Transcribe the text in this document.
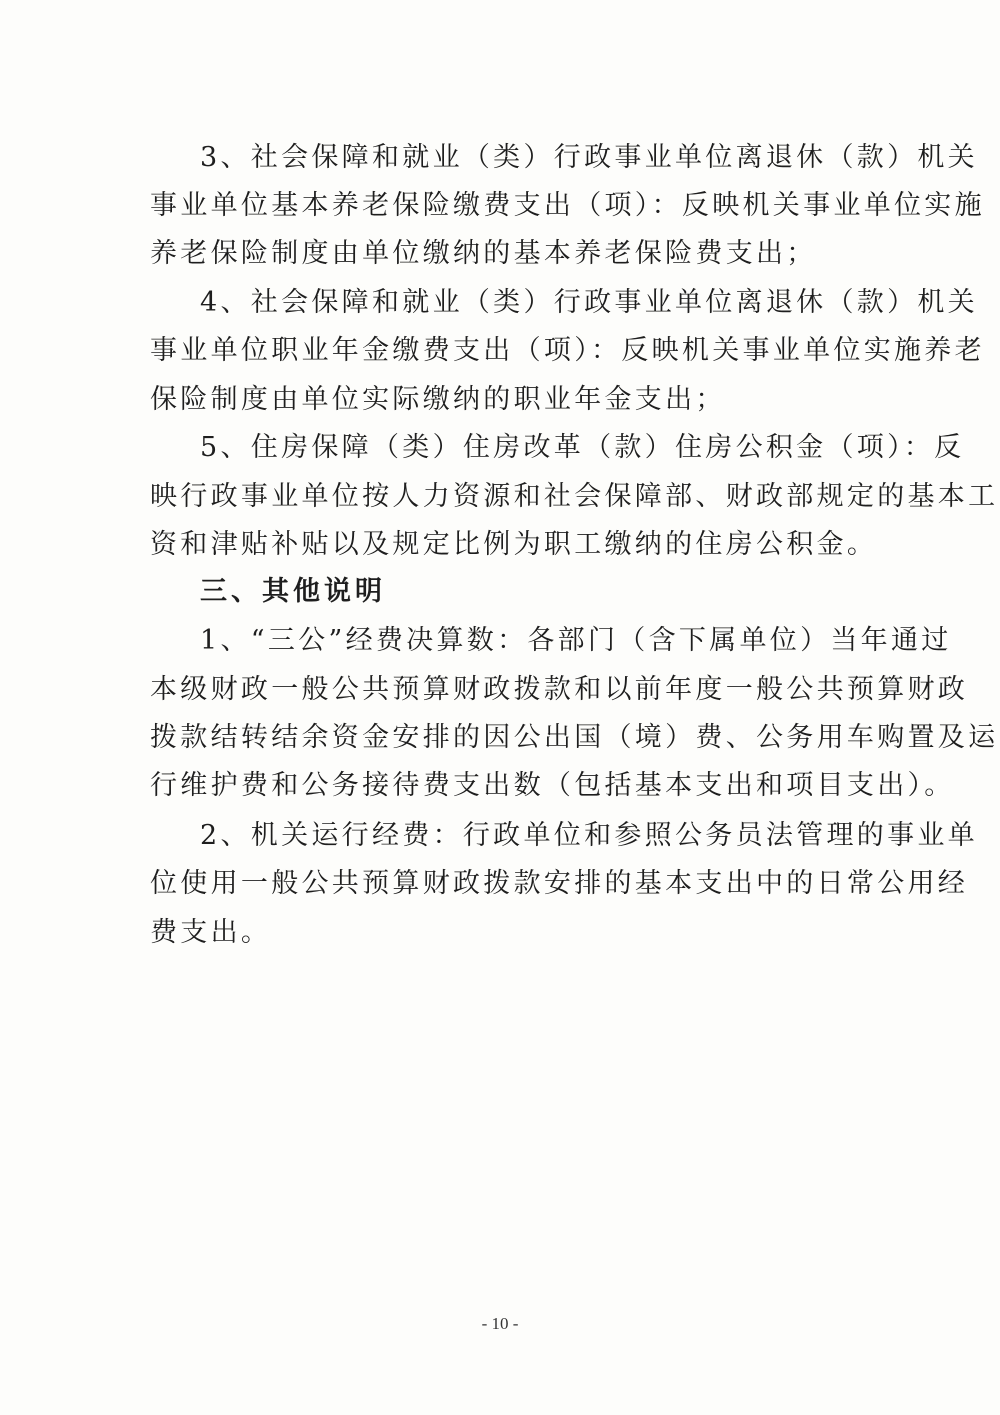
3、社会保障和就业（类）行政事业单位离退休（款）机关
事业单位基本养老保险缴费支出（项）：反映机关事业单位实施
养老保险制度由单位缴纳的基本养老保险费支出；
4、社会保障和就业（类）行政事业单位离退休（款）机关
事业单位职业年金缴费支出（项）：反映机关事业单位实施养老
保险制度由单位实际缴纳的职业年金支出；
5、住房保障（类）住房改革（款）住房公积金（项）：反
映行政事业单位按人力资源和社会保障部、财政部规定的基本工
资和津贴补贴以及规定比例为职工缴纳的住房公积金。
三、其他说明
1、“三公”经费决算数：各部门（含下属单位）当年通过
本级财政一般公共预算财政拨款和以前年度一般公共预算财政
拨款结转结余资金安排的因公出国（境）费、公务用车购置及运
行维护费和公务接待费支出数（包括基本支出和项目支出）。
2、机关运行经费：行政单位和参照公务员法管理的事业单
位使用一般公共预算财政拨款安排的基本支出中的日常公用经
费支出。
- 10 -
